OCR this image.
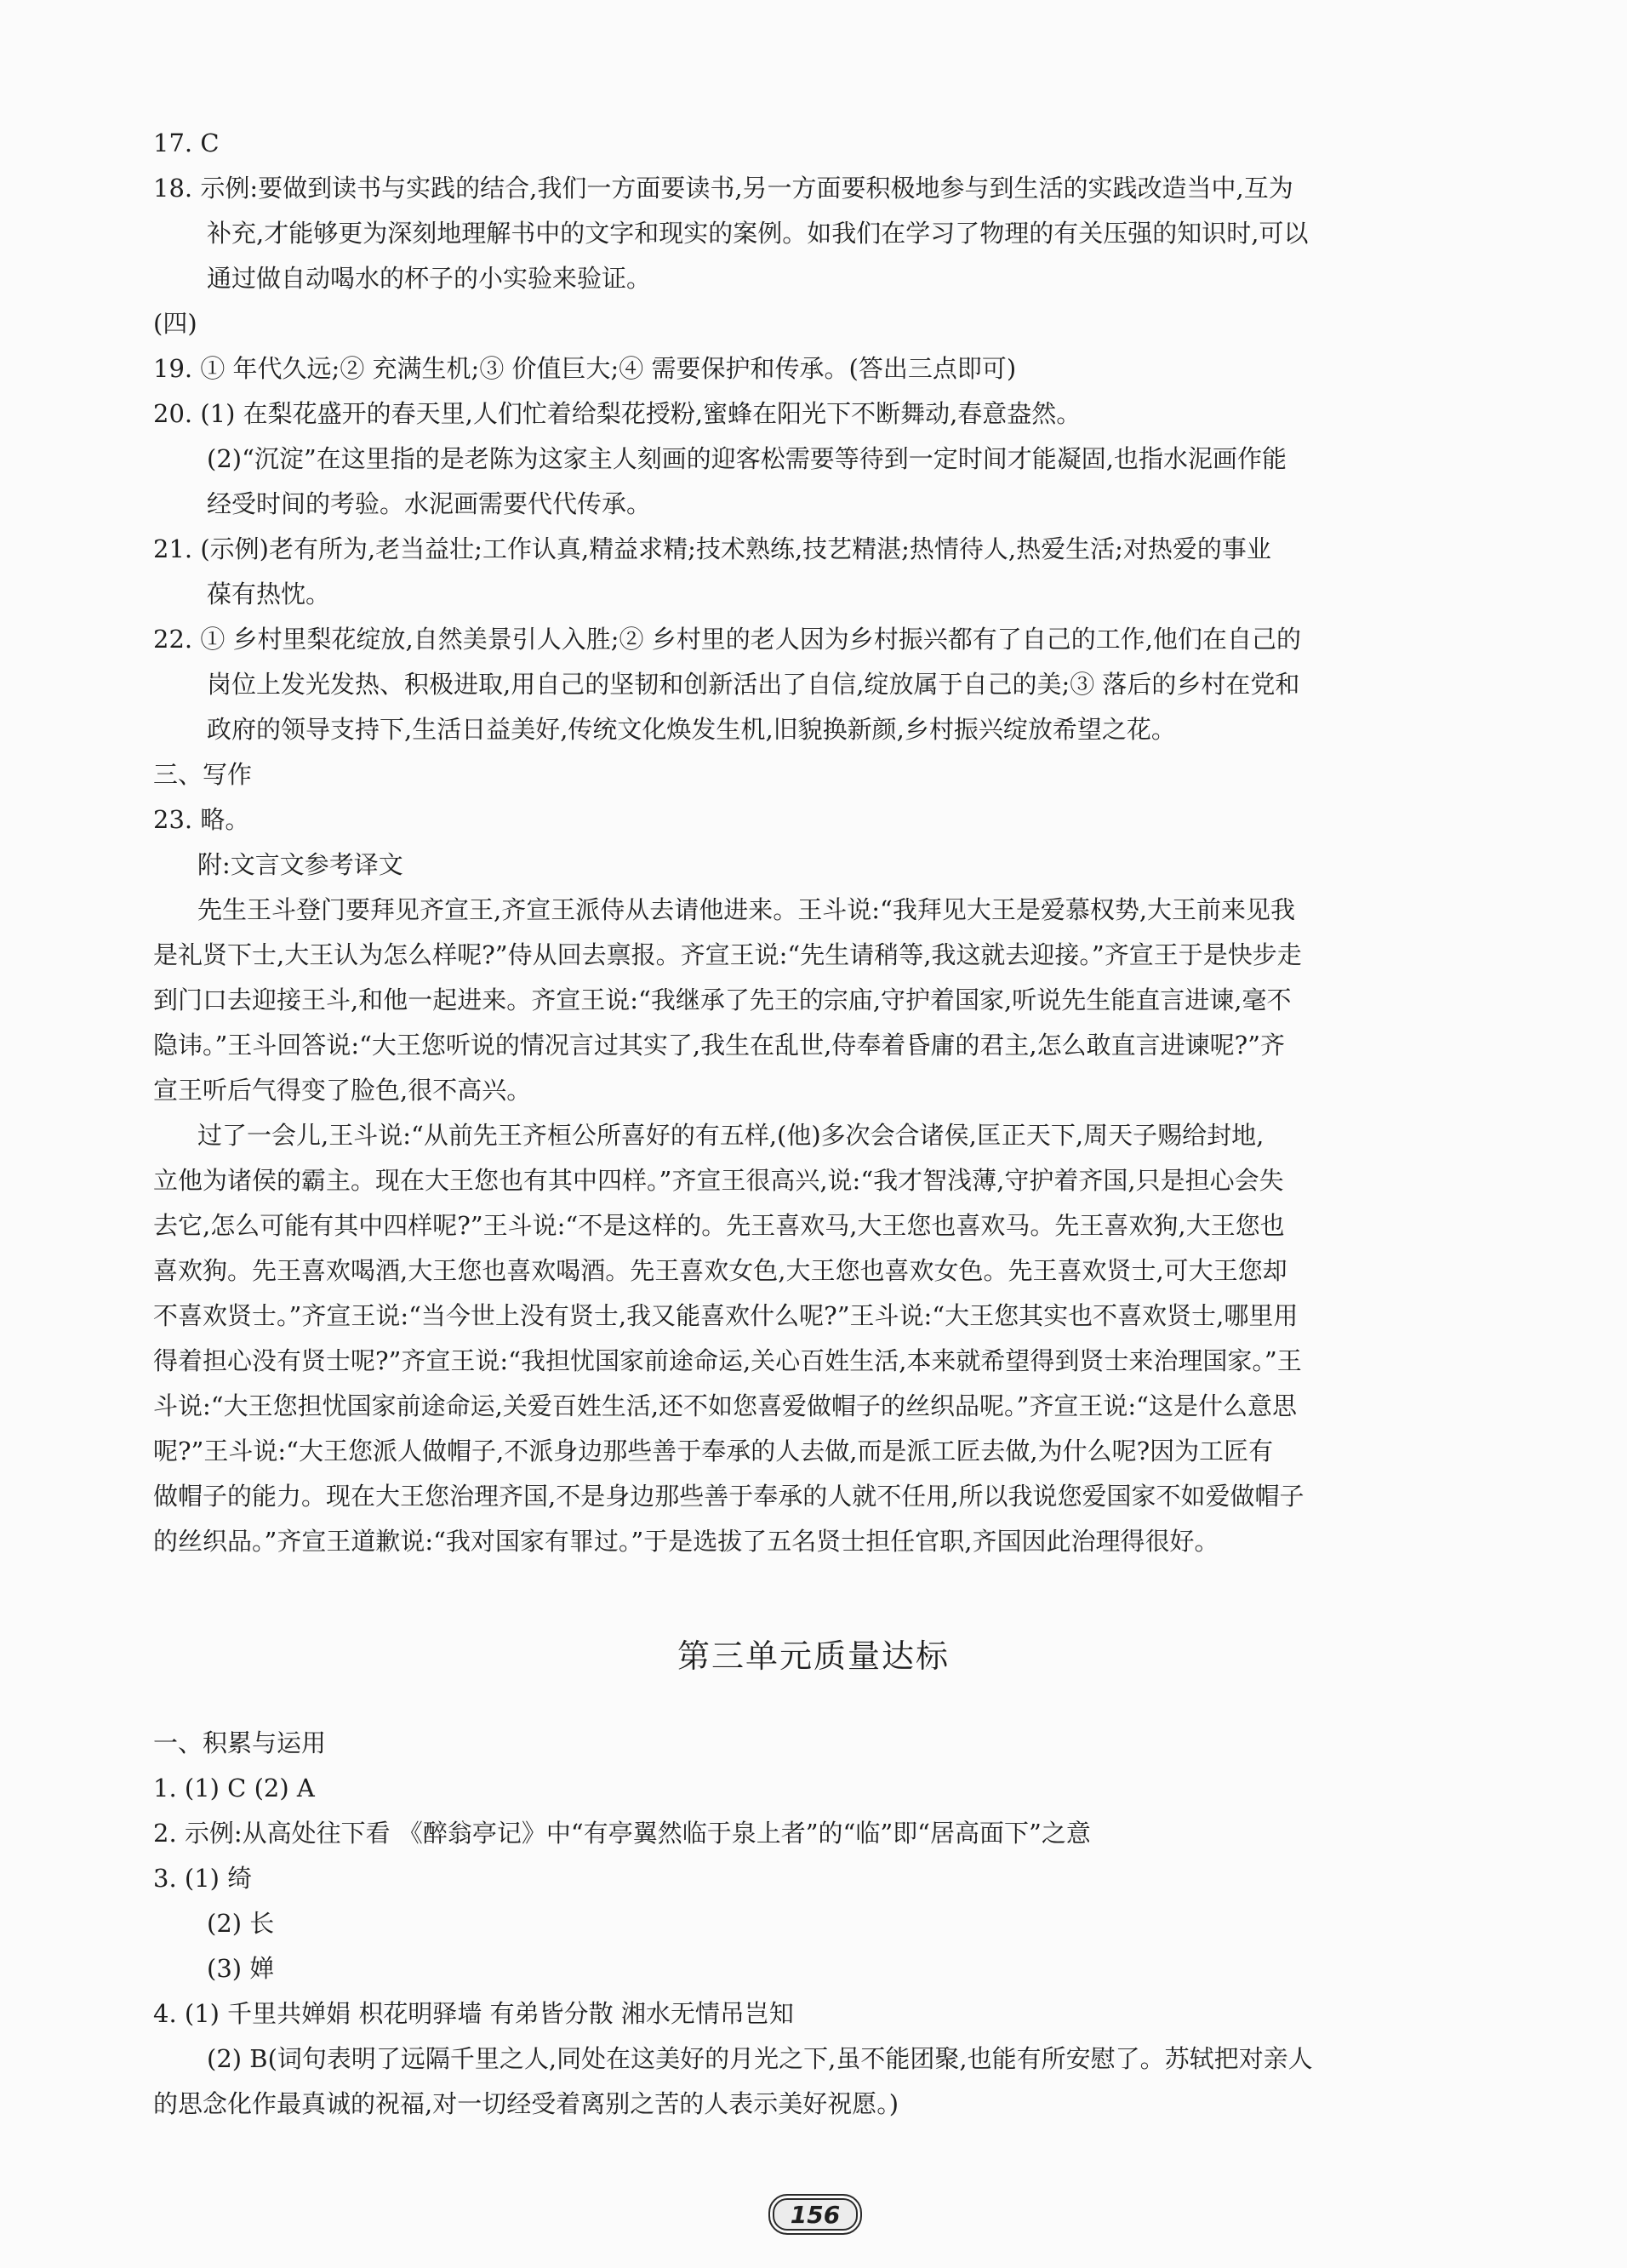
17. C
18. 示例:要做到读书与实践的结合,我们一方面要读书,另一方面要积极地参与到生活的实践改造当中,互为
补充,才能够更为深刻地理解书中的文字和现实的案例。如我们在学习了物理的有关压强的知识时,可以
通过做自动喝水的杯子的小实验来验证。
(四)
19. ① 年代久远;② 充满生机;③ 价值巨大;④ 需要保护和传承。(答出三点即可)
20. (1) 在梨花盛开的春天里,人们忙着给梨花授粉,蜜蜂在阳光下不断舞动,春意盎然。
(2)“沉淀”在这里指的是老陈为这家主人刻画的迎客松需要等待到一定时间才能凝固,也指水泥画作能
经受时间的考验。水泥画需要代代传承。
21. (示例)老有所为,老当益壮;工作认真,精益求精;技术熟练,技艺精湛;热情待人,热爱生活;对热爱的事业
葆有热忱。
22. ① 乡村里梨花绽放,自然美景引人入胜;② 乡村里的老人因为乡村振兴都有了自己的工作,他们在自己的
岗位上发光发热、积极进取,用自己的坚韧和创新活出了自信,绽放属于自己的美;③ 落后的乡村在党和
政府的领导支持下,生活日益美好,传统文化焕发生机,旧貌换新颜,乡村振兴绽放希望之花。
三、写作
23. 略。
附:文言文参考译文
先生王斗登门要拜见齐宣王,齐宣王派侍从去请他进来。王斗说:“我拜见大王是爱慕权势,大王前来见我
是礼贤下士,大王认为怎么样呢?”侍从回去禀报。齐宣王说:“先生请稍等,我这就去迎接。”齐宣王于是快步走
到门口去迎接王斗,和他一起进来。齐宣王说:“我继承了先王的宗庙,守护着国家,听说先生能直言进谏,毫不
隐讳。”王斗回答说:“大王您听说的情况言过其实了,我生在乱世,侍奉着昏庸的君主,怎么敢直言进谏呢?”齐
宣王听后气得变了脸色,很不高兴。
过了一会儿,王斗说:“从前先王齐桓公所喜好的有五样,(他)多次会合诸侯,匡正天下,周天子赐给封地,
立他为诸侯的霸主。现在大王您也有其中四样。”齐宣王很高兴,说:“我才智浅薄,守护着齐国,只是担心会失
去它,怎么可能有其中四样呢?”王斗说:“不是这样的。先王喜欢马,大王您也喜欢马。先王喜欢狗,大王您也
喜欢狗。先王喜欢喝酒,大王您也喜欢喝酒。先王喜欢女色,大王您也喜欢女色。先王喜欢贤士,可大王您却
不喜欢贤士。”齐宣王说:“当今世上没有贤士,我又能喜欢什么呢?”王斗说:“大王您其实也不喜欢贤士,哪里用
得着担心没有贤士呢?”齐宣王说:“我担忧国家前途命运,关心百姓生活,本来就希望得到贤士来治理国家。”王
斗说:“大王您担忧国家前途命运,关爱百姓生活,还不如您喜爱做帽子的丝织品呢。”齐宣王说:“这是什么意思
呢?”王斗说:“大王您派人做帽子,不派身边那些善于奉承的人去做,而是派工匠去做,为什么呢?因为工匠有
做帽子的能力。现在大王您治理齐国,不是身边那些善于奉承的人就不任用,所以我说您爱国家不如爱做帽子
的丝织品。”齐宣王道歉说:“我对国家有罪过。”于是选拔了五名贤士担任官职,齐国因此治理得很好。
第三单元质量达标
一、积累与运用
1. (1) C (2) A
2. 示例:从高处往下看 《醉翁亭记》中“有亭翼然临于泉上者”的“临”即“居高面下”之意
3. (1) 绮
(2) 长
(3) 婵
4. (1) 千里共婵娟 枳花明驿墙 有弟皆分散 湘水无情吊岂知
(2) B(词句表明了远隔千里之人,同处在这美好的月光之下,虽不能团聚,也能有所安慰了。苏轼把对亲人
的思念化作最真诚的祝福,对一切经受着离别之苦的人表示美好祝愿。)
156
